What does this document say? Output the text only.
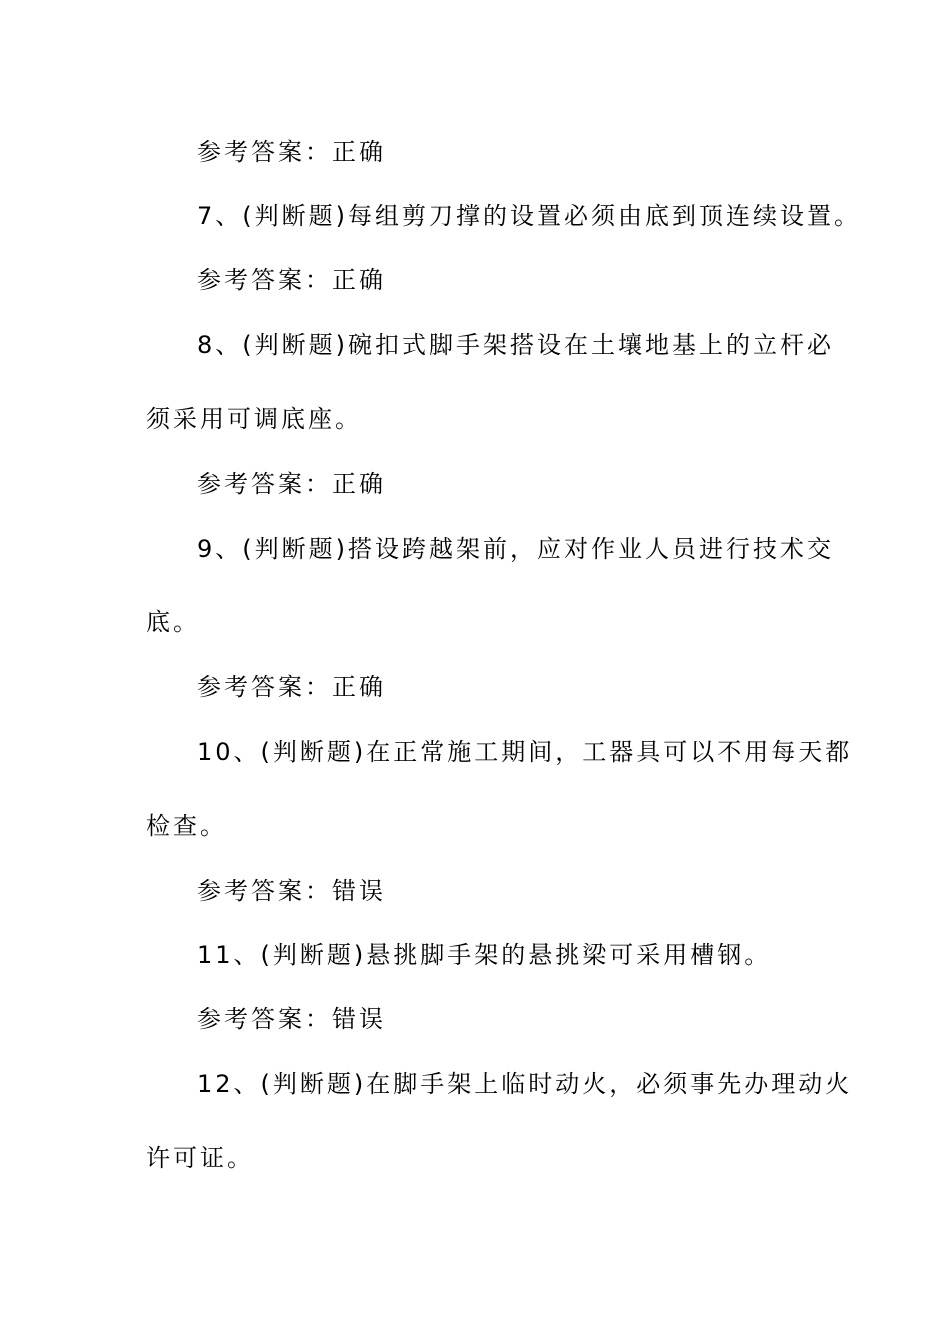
参考答案：正确
7、(判断题)每组剪刀撑的设置必须由底到顶连续设置。
参考答案：正确
8、(判断题)碗扣式脚手架搭设在土壤地基上的立杆必
须采用可调底座。
参考答案：正确
9、(判断题)搭设跨越架前，应对作业人员进行技术交
底。
参考答案：正确
10、(判断题)在正常施工期间，工器具可以不用每天都
检查。
参考答案：错误
11、(判断题)悬挑脚手架的悬挑梁可采用槽钢。
参考答案：错误
12、(判断题)在脚手架上临时动火，必须事先办理动火
许可证。
